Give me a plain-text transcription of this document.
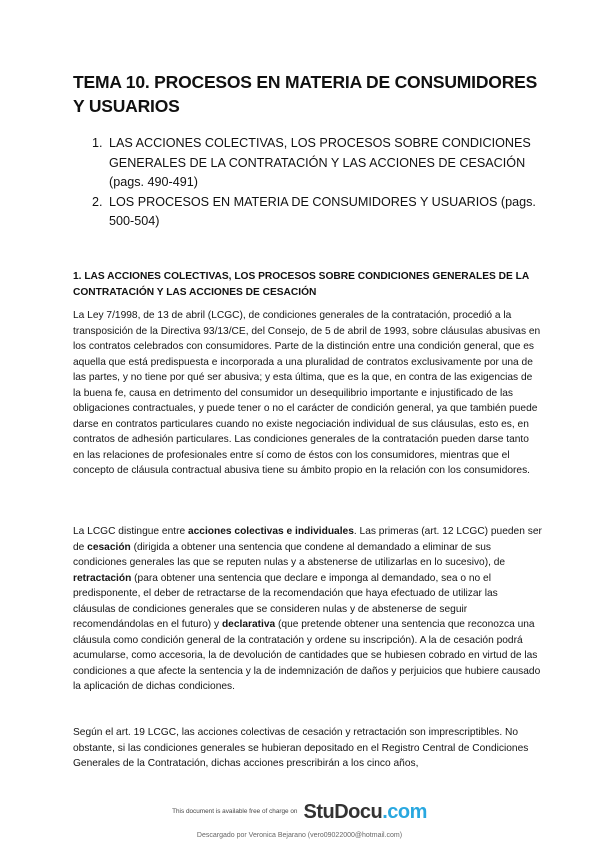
TEMA 10. PROCESOS EN MATERIA DE CONSUMIDORES Y USUARIOS
1. LAS ACCIONES COLECTIVAS, LOS PROCESOS SOBRE CONDICIONES GENERALES DE LA CONTRATACIÓN Y LAS ACCIONES DE CESACIÓN (pags. 490-491)
2. LOS PROCESOS EN MATERIA DE CONSUMIDORES Y USUARIOS (pags. 500-504)
1. LAS ACCIONES COLECTIVAS, LOS PROCESOS SOBRE CONDICIONES GENERALES DE LA CONTRATACIÓN Y LAS ACCIONES DE CESACIÓN

La Ley 7/1998, de 13 de abril (LCGC), de condiciones generales de la contratación, procedió a la transposición de la Directiva 93/13/CE, del Consejo, de 5 de abril de 1993, sobre cláusulas abusivas en los contratos celebrados con consumidores. Parte de la distinción entre una condición general, que es aquella que está predispuesta e incorporada a una pluralidad de contratos exclusivamente por una de las partes, y no tiene por qué ser abusiva; y esta última, que es la que, en contra de las exigencias de la buena fe, causa en detrimento del consumidor un desequilibrio importante e injustificado de las obligaciones contractuales, y puede tener o no el carácter de condición general, ya que también puede darse en contratos particulares cuando no existe negociación individual de sus cláusulas, esto es, en contratos de adhesión particulares. Las condiciones generales de la contratación pueden darse tanto en las relaciones de profesionales entre sí como de éstos con los consumidores, mientras que el concepto de cláusula contractual abusiva tiene su ámbito propio en la relación con los consumidores.

La LCGC distingue entre acciones colectivas e individuales. Las primeras (art. 12 LCGC) pueden ser de cesación (dirigida a obtener una sentencia que condene al demandado a eliminar de sus condiciones generales las que se reputen nulas y a abstenerse de utilizarlas en lo sucesivo), de retractación (para obtener una sentencia que declare e imponga al demandado, sea o no el predisponente, el deber de retractarse de la recomendación que haya efectuado de utilizar las cláusulas de condiciones generales que se consideren nulas y de abstenerse de seguir recomendándolas en el futuro) y declarativa (que pretende obtener una sentencia que reconozca una cláusula como condición general de la contratación y ordene su inscripción). A la de cesación podrá acumularse, como accesoria, la de devolución de cantidades que se hubiesen cobrado en virtud de las condiciones a que afecte la sentencia y la de indemnización de daños y perjuicios que hubiere causado la aplicación de dichas condiciones.

Según el art. 19 LCGC, las acciones colectivas de cesación y retractación son imprescriptibles. No obstante, si las condiciones generales se hubieran depositado en el Registro Central de Condiciones Generales de la Contratación, dichas acciones prescribirán a los cinco años,

This document is available free of charge on StuDocu.com
Descargado por Veronica Bejarano (vero09022000@hotmail.com)
